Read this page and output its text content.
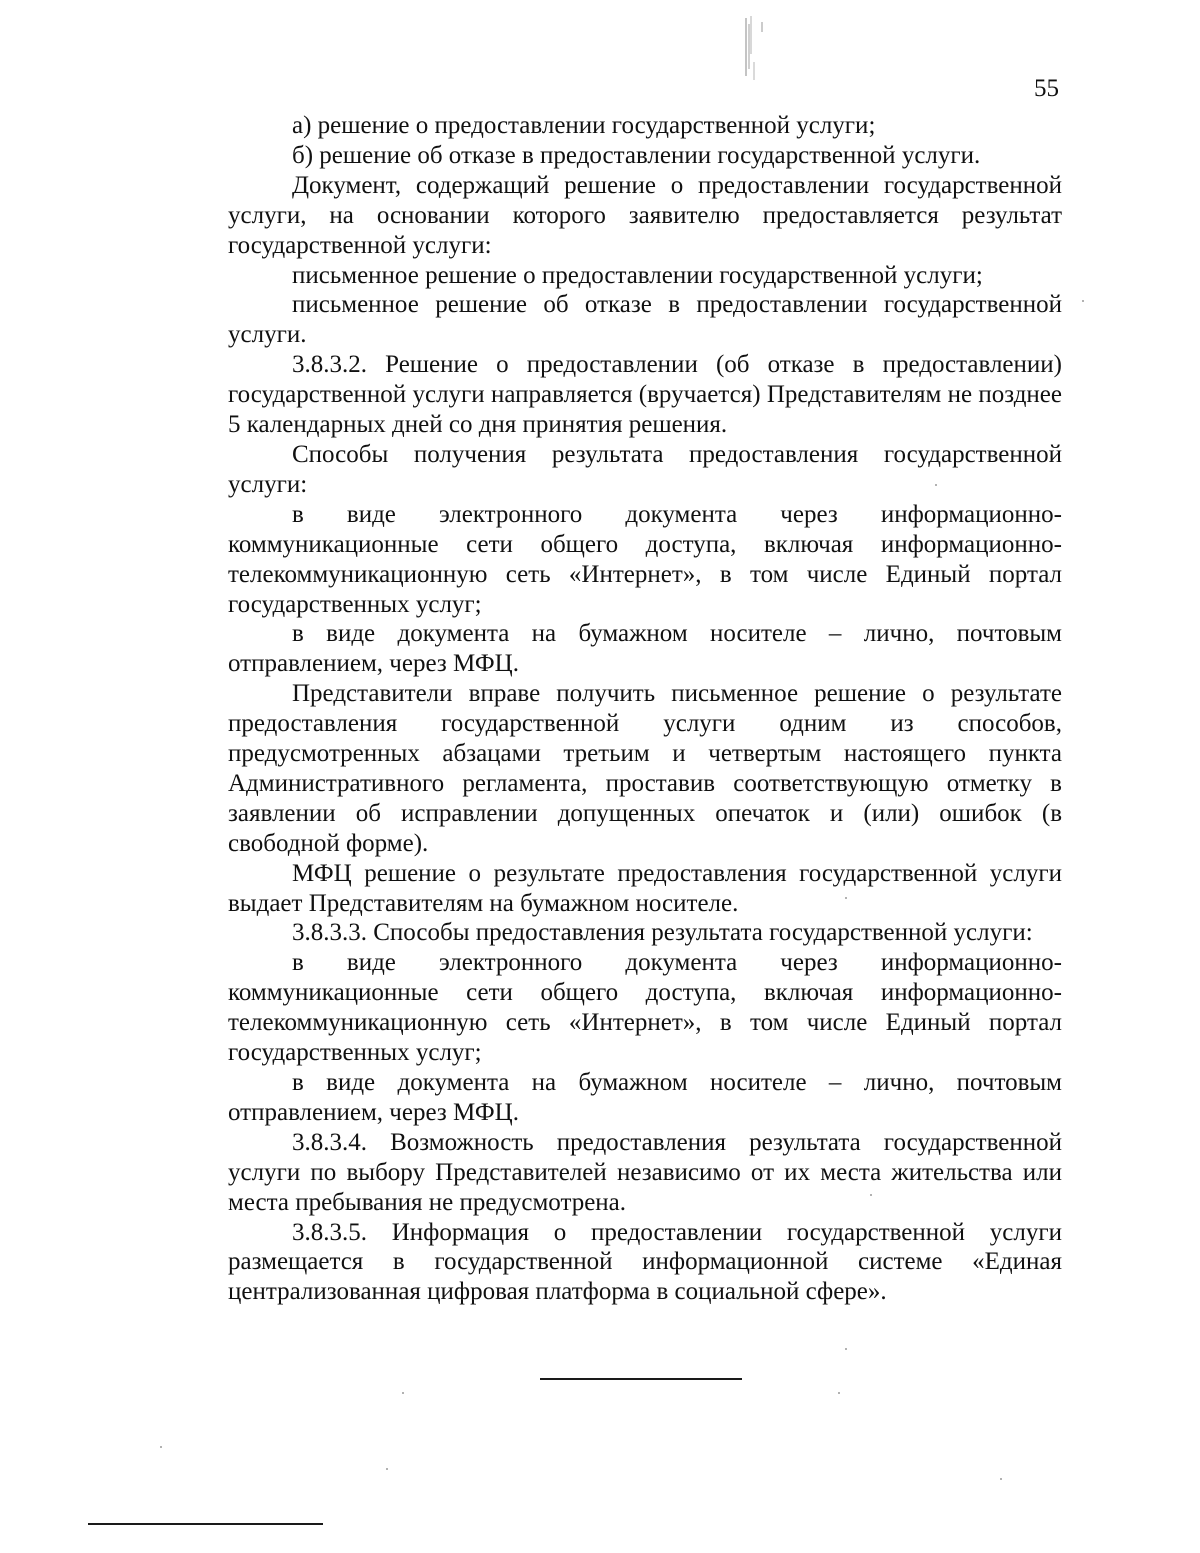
55

а) решение о предоставлении государственной услуги;

б) решение об отказе в предоставлении государственной услуги.

Документ, содержащий решение о предоставлении государственной услуги, на основании которого заявителю предоставляется результат государственной услуги:

письменное решение о предоставлении государственной услуги;

письменное решение об отказе в предоставлении государственной услуги.

3.8.3.2. Решение о предоставлении (об отказе в предоставлении) государственной услуги направляется (вручается) Представителям не позднее 5 календарных дней со дня принятия решения.

Способы получения результата предоставления государственной услуги:

в виде электронного документа через информационно-коммуникационные сети общего доступа, включая информационно-телекоммуникационную сеть «Интернет», в том числе Единый портал государственных услуг;

в виде документа на бумажном носителе – лично, почтовым отправлением, через МФЦ.

Представители вправе получить письменное решение о результате предоставления государственной услуги одним из способов, предусмотренных абзацами третьим и четвертым настоящего пункта Административного регламента, проставив соответствующую отметку в заявлении об исправлении допущенных опечаток и (или) ошибок (в свободной форме).

МФЦ решение о результате предоставления государственной услуги выдает Представителям на бумажном носителе.

3.8.3.3. Способы предоставления результата государственной услуги:

в виде электронного документа через информационно-коммуникационные сети общего доступа, включая информационно-телекоммуникационную сеть «Интернет», в том числе Единый портал государственных услуг;

в виде документа на бумажном носителе – лично, почтовым отправлением, через МФЦ.

3.8.3.4. Возможность предоставления результата государственной услуги по выбору Представителей независимо от их места жительства или места пребывания не предусмотрена.

3.8.3.5. Информация о предоставлении государственной услуги размещается в государственной информационной системе «Единая централизованная цифровая платформа в социальной сфере».
